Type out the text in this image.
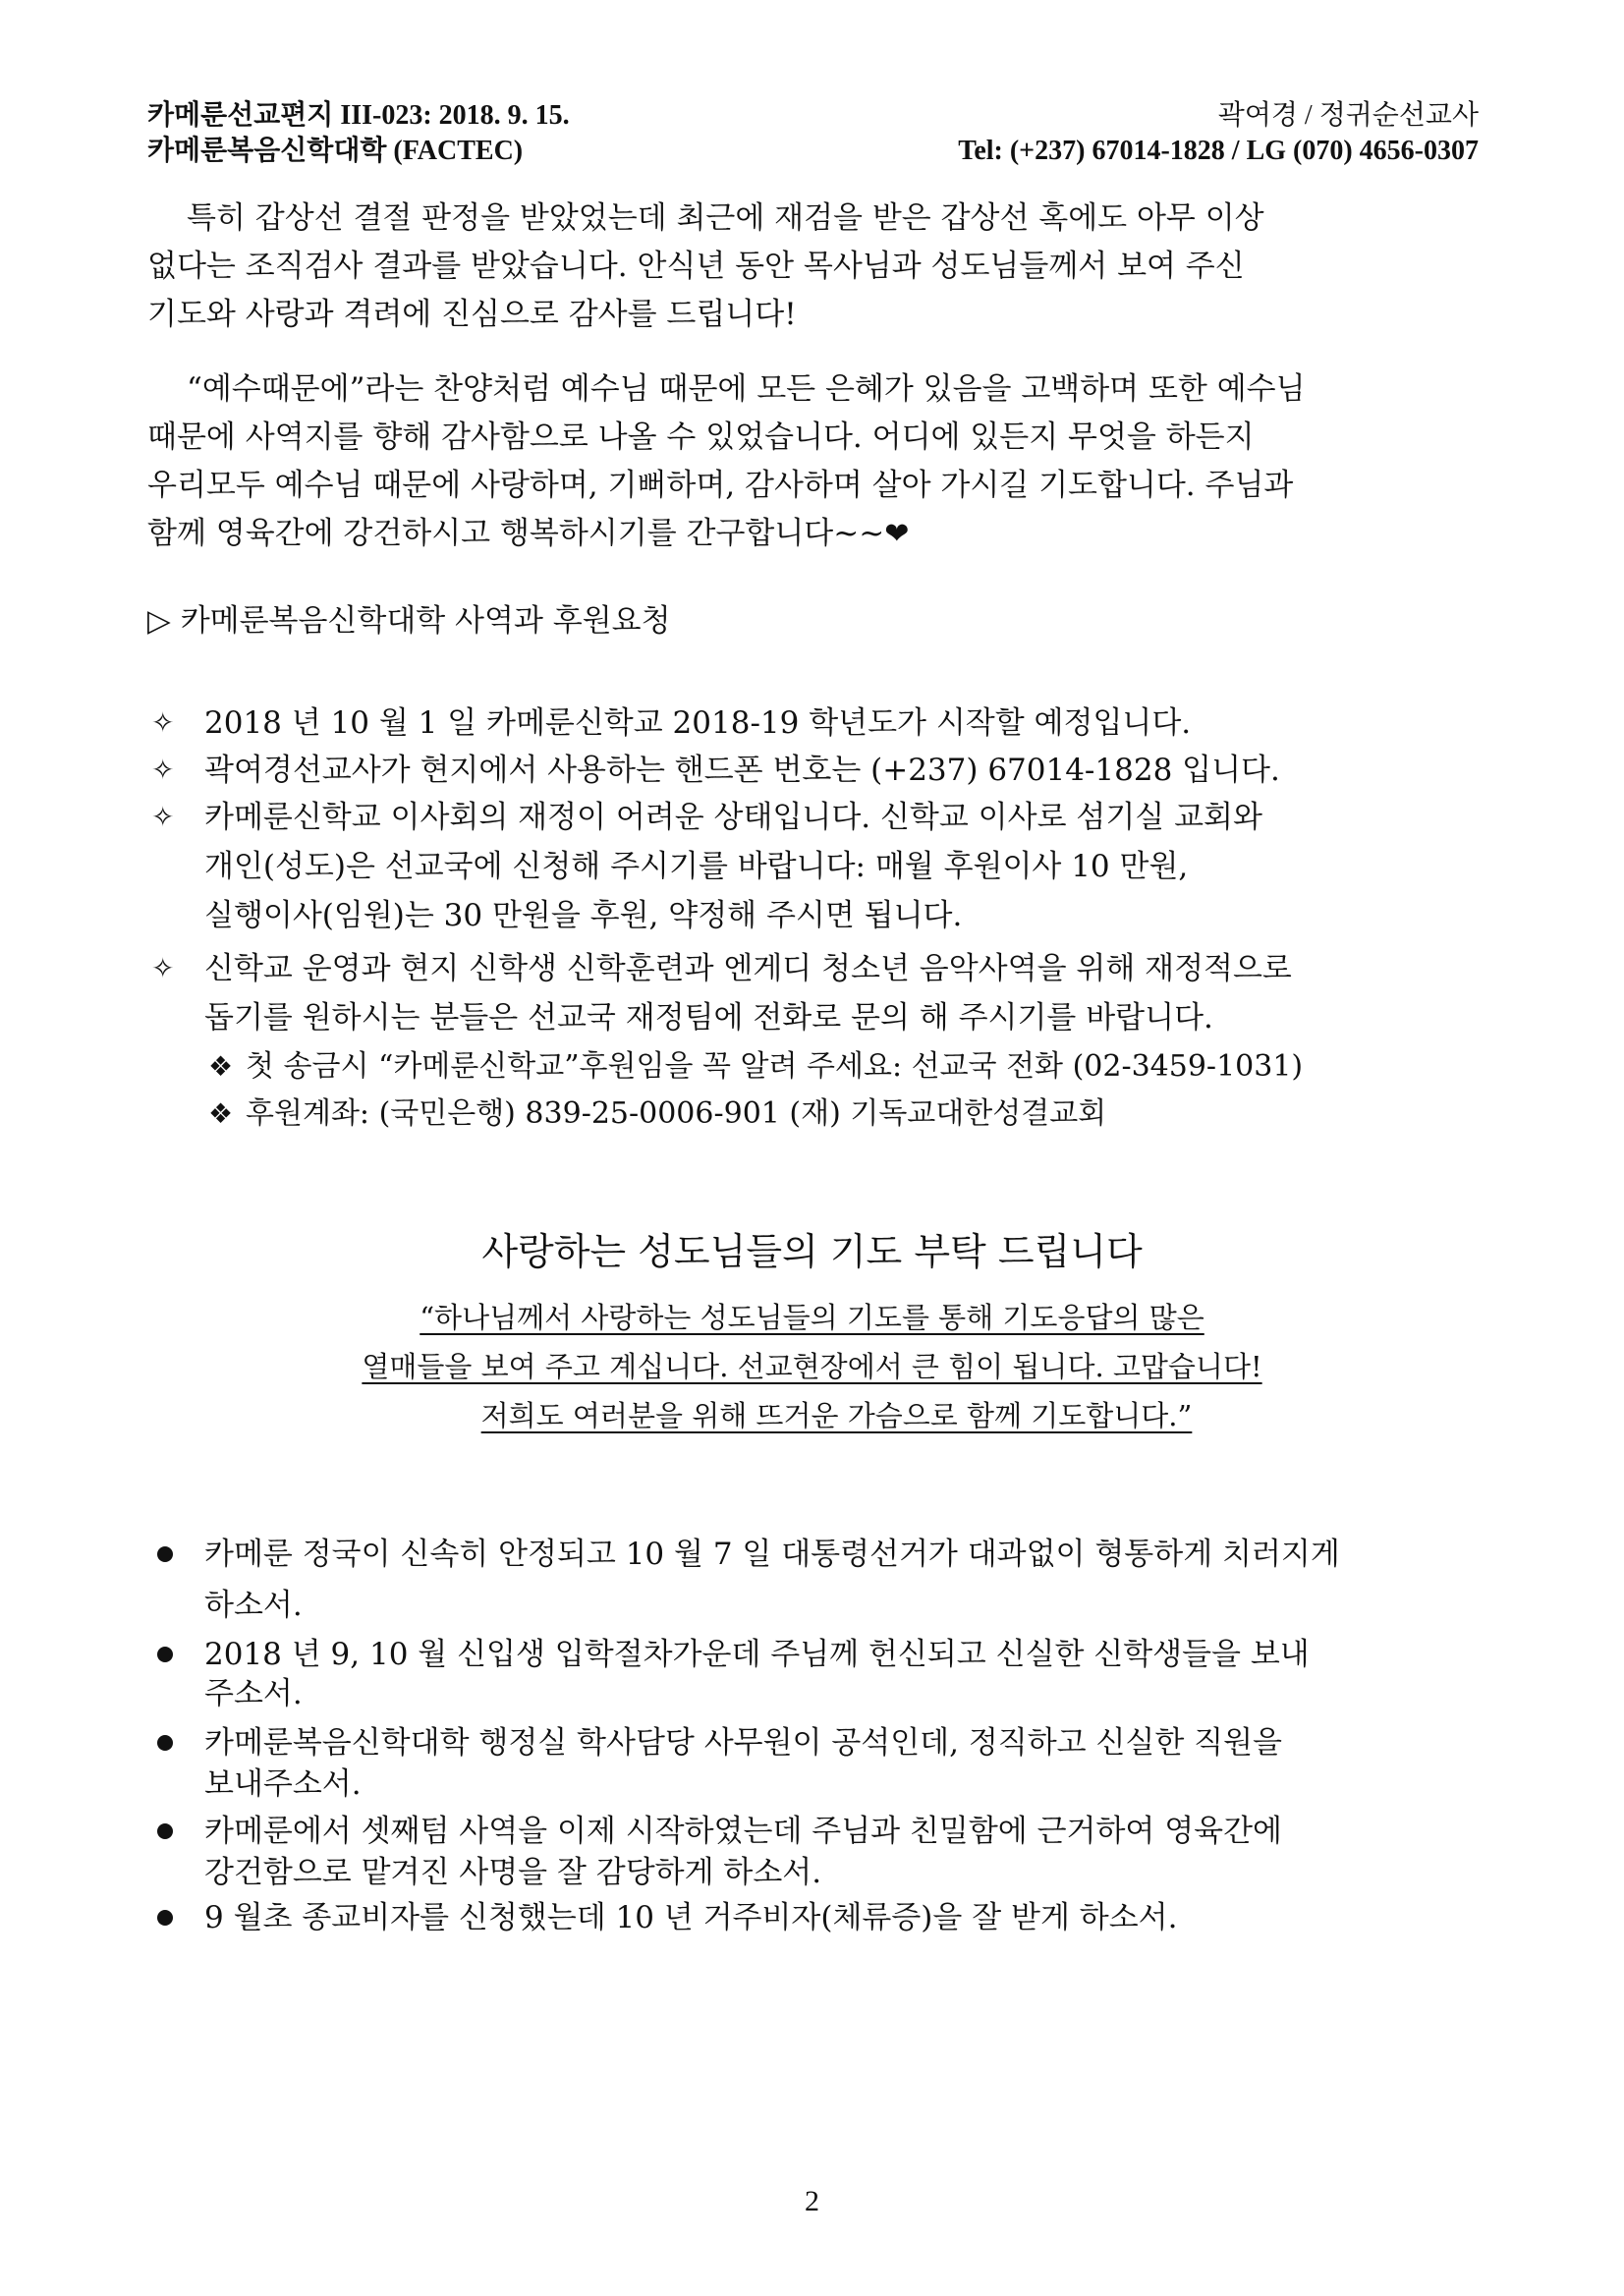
카메룬선교편지 III-023: 2018. 9. 15.
카메룬복음신학대학 (FACTEC)
곽여경 / 정귀순선교사
Tel: (+237) 67014-1828 / LG (070) 4656-0307
특히 갑상선 결절 판정을 받았었는데 최근에 재검을 받은 갑상선 혹에도 아무 이상
없다는 조직검사 결과를 받았습니다. 안식년 동안 목사님과 성도님들께서 보여 주신
기도와 사랑과 격려에 진심으로 감사를 드립니다!
“예수때문에”라는 찬양처럼 예수님 때문에 모든 은혜가 있음을 고백하며 또한 예수님
때문에 사역지를 향해 감사함으로 나올 수 있었습니다. 어디에 있든지 무엇을 하든지
우리모두 예수님 때문에 사랑하며, 기뻐하며, 감사하며 살아 가시길 기도합니다. 주님과
함께 영육간에 강건하시고 행복하시기를 간구합니다~~❤
▷ 카메룬복음신학대학 사역과 후원요청
✧ 2018 년 10 월 1 일 카메룬신학교 2018-19 학년도가 시작할 예정입니다.
✧ 곽여경선교사가 현지에서 사용하는 핸드폰 번호는 (+237) 67014-1828 입니다.
✧ 카메룬신학교 이사회의 재정이 어려운 상태입니다. 신학교 이사로 섬기실 교회와
개인(성도)은 선교국에 신청해 주시기를 바랍니다: 매월 후원이사 10 만원,
실행이사(임원)는 30 만원을 후원, 약정해 주시면 됩니다.
✧ 신학교 운영과 현지 신학생 신학훈련과 엔게디 청소년 음악사역을 위해 재정적으로
돕기를 원하시는 분들은 선교국 재정팀에 전화로 문의 해 주시기를 바랍니다.
❖ 첫 송금시 “카메룬신학교”후원임을 꼭 알려 주세요: 선교국 전화 (02-3459-1031)
❖ 후원계좌: (국민은행) 839-25-0006-901 (재) 기독교대한성결교회
사랑하는 성도님들의 기도 부탁 드립니다
“하나님께서 사랑하는 성도님들의 기도를 통해 기도응답의 많은
열매들을 보여 주고 계십니다. 선교현장에서 큰 힘이 됩니다. 고맙습니다!
저희도 여러분을 위해 뜨거운 가슴으로 함께 기도합니다.”
카메룬 정국이 신속히 안정되고 10 월 7 일 대통령선거가 대과없이 형통하게 치러지게
하소서.
2018 년 9, 10 월 신입생 입학절차가운데 주님께 헌신되고 신실한 신학생들을 보내
주소서.
카메룬복음신학대학 행정실 학사담당 사무원이 공석인데, 정직하고 신실한 직원을
보내주소서.
카메룬에서 셋째텀 사역을 이제 시작하였는데 주님과 친밀함에 근거하여 영육간에
강건함으로 맡겨진 사명을 잘 감당하게 하소서.
9 월초 종교비자를 신청했는데 10 년 거주비자(체류증)을 잘 받게 하소서.
2
